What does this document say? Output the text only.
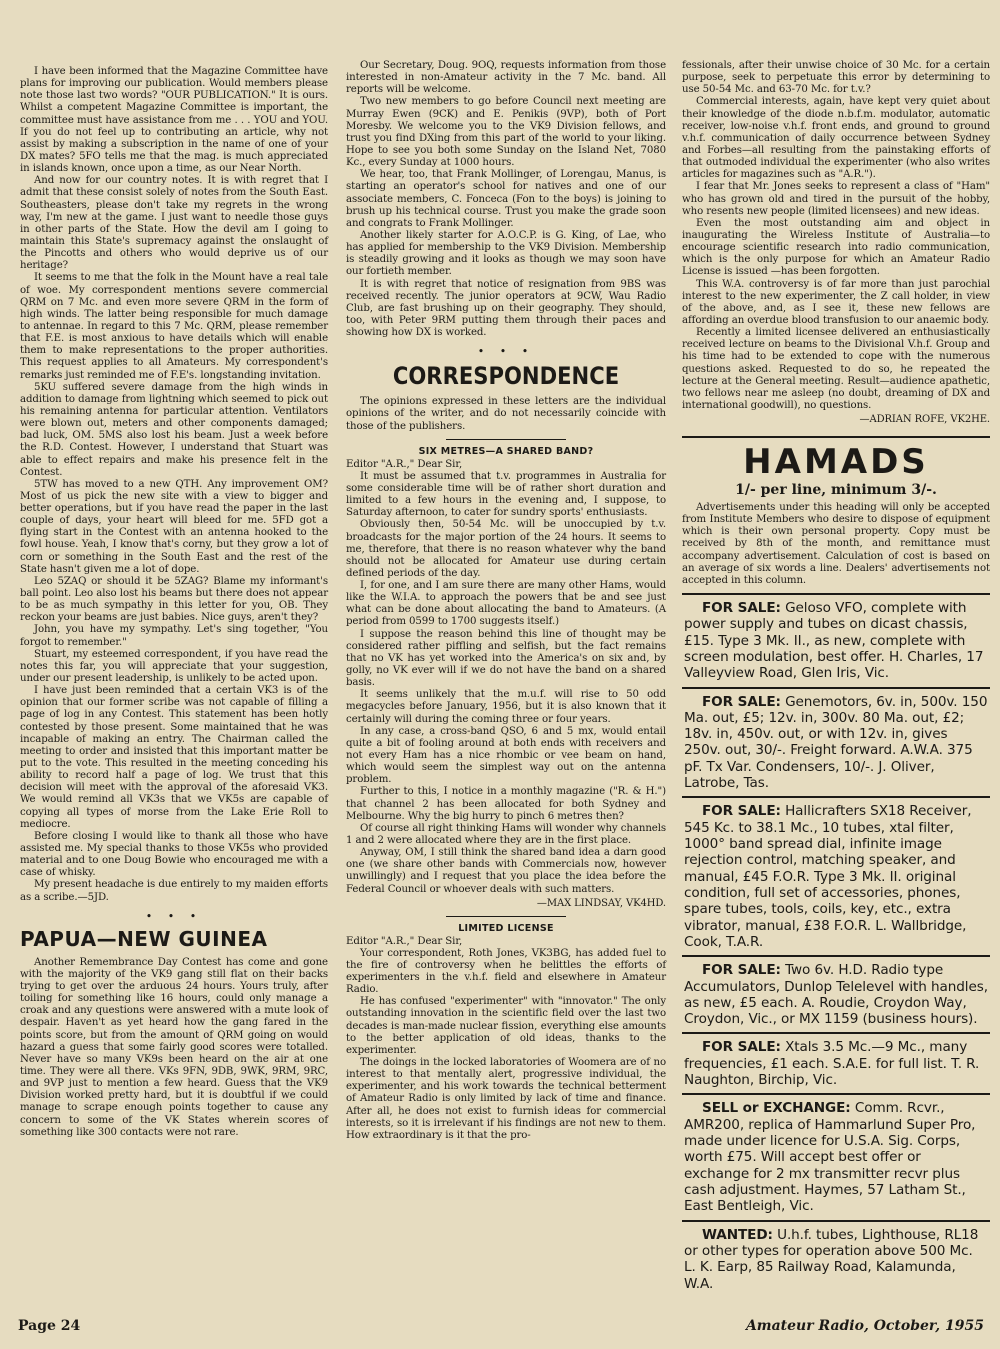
I have been informed that the Magazine Committee have plans for improving our publication. Would members please note those last two words? "OUR PUBLICATION." It is ours. Whilst a competent Magazine Committee is important, the committee must have assistance from me . . . YOU and YOU. If you do not feel up to contributing an article, why not assist by making a subscription in the name of one of your DX mates? 5FO tells me that the mag. is much appreciated in islands known, once upon a time, as our Near North.

And now for our country notes. It is with regret that I admit that these consist solely of notes from the South East. Southeasters, please don't take my regrets in the wrong way, I'm new at the game. I just want to needle those guys in other parts of the State. How the devil am I going to maintain this State's supremacy against the onslaught of the Pincotts and others who would deprive us of our heritage?

It seems to me that the folk in the Mount have a real tale of woe. My correspondent mentions severe commercial QRM on 7 Mc. and even more severe QRM in the form of high winds. The latter being responsible for much damage to antennae. In regard to this 7 Mc. QRM, please remember that F.E. is most anxious to have details which will enable them to make representations to the proper authorities. This request applies to all Amateurs. My correspondent's remarks just reminded me of F.E's. longstanding invitation.

5KU suffered severe damage from the high winds in addition to damage from lightning which seemed to pick out his remaining antenna for particular attention. Ventilators were blown out, meters and other components damaged; bad luck, OM. 5MS also lost his beam. Just a week before the R.D. Contest. However, I understand that Stuart was able to effect repairs and make his presence felt in the Contest.

5TW has moved to a new QTH. Any improvement OM? Most of us pick the new site with a view to bigger and better operations, but if you have read the paper in the last couple of days, your heart will bleed for me. 5FD got a flying start in the Contest with an antenna hooked to the fowl house. Yeah, I know that's corny, but they grow a lot of corn or something in the South East and the rest of the State hasn't given me a lot of dope.

Leo 5ZAQ or should it be 5ZAG? Blame my informant's ball point. Leo also lost his beams but there does not appear to be as much sympathy in this letter for you, OB. They reckon your beams are just babies. Nice guys, aren't they?

John, you have my sympathy. Let's sing together, "You forgot to remember."

Stuart, my esteemed correspondent, if you have read the notes this far, you will appreciate that your suggestion, under our present leadership, is unlikely to be acted upon.

I have just been reminded that a certain VK3 is of the opinion that our former scribe was not capable of filling a page of log in any Contest. This statement has been hotly contested by those present. Some maintained that he was incapable of making an entry. The Chairman called the meeting to order and insisted that this important matter be put to the vote. This resulted in the meeting conceding his ability to record half a page of log. We trust that this decision will meet with the approval of the aforesaid VK3. We would remind all VK3s that we VK5s are capable of copying all types of morse from the Lake Erie Roll to mediocre.

Before closing I would like to thank all those who have assisted me. My special thanks to those VK5s who provided material and to one Doug Bowie who encouraged me with a case of whisky.

My present headache is due entirely to my maiden efforts as a scribe.—5JD.

• • •
PAPUA—NEW GUINEA

Another Remembrance Day Contest has come and gone with the majority of the VK9 gang still flat on their backs trying to get over the arduous 24 hours. Yours truly, after toiling for something like 16 hours, could only manage a croak and any questions were answered with a mute look of despair. Haven't as yet heard how the gang fared in the points score, but from the amount of QRM going on would hazard a guess that some fairly good scores were totalled. Never have so many VK9s been heard on the air at one time. They were all there. VKs 9FN, 9DB, 9WK, 9RM, 9RC, and 9VP just to mention a few heard. Guess that the VK9 Division worked pretty hard, but it is doubtful if we could manage to scrape enough points together to cause any concern to some of the VK States wherein scores of something like 300 contacts were not rare.

Our Secretary, Doug. 9OQ, requests information from those interested in non-Amateur activity in the 7 Mc. band. All reports will be welcome.

Two new members to go before Council next meeting are Murray Ewen (9CK) and E. Penikis (9VP), both of Port Moresby. We welcome you to the VK9 Division fellows, and trust you find DXing from this part of the world to your liking. Hope to see you both some Sunday on the Island Net, 7080 Kc., every Sunday at 1000 hours.

We hear, too, that Frank Mollinger, of Lorengau, Manus, is starting an operator's school for natives and one of our associate members, C. Fonceca (Fon to the boys) is joining to brush up his technical course. Trust you make the grade soon and congrats to Frank Mollinger.

Another likely starter for A.O.C.P. is G. King, of Lae, who has applied for membership to the VK9 Division. Membership is steadily growing and it looks as though we may soon have our fortieth member.

It is with regret that notice of resignation from 9BS was received recently. The junior operators at 9CW, Wau Radio Club, are fast brushing up on their geography. They should, too, with Peter 9RM putting them through their paces and showing how DX is worked.

• • •
CORRESPONDENCE

The opinions expressed in these letters are the individual opinions of the writer, and do not necessarily coincide with those of the publishers.

SIX METRES—A SHARED BAND?

Editor "A.R.," Dear Sir,

It must be assumed that t.v. programmes in Australia for some considerable time will be of rather short duration and limited to a few hours in the evening and, I suppose, to Saturday afternoon, to cater for sundry sports' enthusiasts.

Obviously then, 50-54 Mc. will be unoccupied by t.v. broadcasts for the major portion of the 24 hours. It seems to me, therefore, that there is no reason whatever why the band should not be allocated for Amateur use during certain defined periods of the day.

I, for one, and I am sure there are many other Hams, would like the W.I.A. to approach the powers that be and see just what can be done about allocating the band to Amateurs. (A period from 0599 to 1700 suggests itself.)

I suppose the reason behind this line of thought may be considered rather piffling and selfish, but the fact remains that no VK has yet worked into the America's on six and, by golly, no VK ever will if we do not have the band on a shared basis.

It seems unlikely that the m.u.f. will rise to 50 odd megacycles before January, 1956, but it is also known that it certainly will during the coming three or four years.

In any case, a cross-band QSO, 6 and 5 mx, would entail quite a bit of fooling around at both ends with receivers and not every Ham has a nice rhombic or vee beam on hand, which would seem the simplest way out on the antenna problem.

Further to this, I notice in a monthly magazine ("R. & H.") that channel 2 has been allocated for both Sydney and Melbourne. Why the big hurry to pinch 6 metres then?

Of course all right thinking Hams will wonder why channels 1 and 2 were allocated where they are in the first place.

Anyway, OM, I still think the shared band idea a darn good one (we share other bands with Commercials now, however unwillingly) and I request that you place the idea before the Federal Council or whoever deals with such matters.

—MAX LINDSAY, VK4HD.

LIMITED LICENSE

Editor "A.R.," Dear Sir,

Your correspondent, Roth Jones, VK3BG, has added fuel to the fire of controversy when he belittles the efforts of experimenters in the v.h.f. field and elsewhere in Amateur Radio.

He has confused "experimenter" with "innovator." The only outstanding innovation in the scientific field over the last two decades is man-made nuclear fission, everything else amounts to the better application of old ideas, thanks to the experimenter.

The doings in the locked laboratories of Woomera are of no interest to that mentally alert, progressive individual, the experimenter, and his work towards the technical betterment of Amateur Radio is only limited by lack of time and finance. After all, he does not exist to furnish ideas for commercial interests, so it is irrelevant if his findings are not new to them. How extraordinary is it that the pro-

fessionals, after their unwise choice of 30 Mc. for a certain purpose, seek to perpetuate this error by determining to use 50-54 Mc. and 63-70 Mc. for t.v.?

Commercial interests, again, have kept very quiet about their knowledge of the diode n.b.f.m. modulator, automatic receiver, low-noise v.h.f. front ends, and ground to ground v.h.f. communication of daily occurrence between Sydney and Forbes—all resulting from the painstaking efforts of that outmoded individual the experimenter (who also writes articles for magazines such as "A.R.").

I fear that Mr. Jones seeks to represent a class of "Ham" who has grown old and tired in the pursuit of the hobby, who resents new people (limited licensees) and new ideas.

Even the most outstanding aim and object in inaugurating the Wireless Institute of Australia—to encourage scientific research into radio communication, which is the only purpose for which an Amateur Radio License is issued —has been forgotten.

This W.A. controversy is of far more than just parochial interest to the new experimenter, the Z call holder, in view of the above, and, as I see it, these new fellows are affording an overdue blood transfusion to our anaemic body.

Recently a limited licensee delivered an enthusiastically received lecture on beams to the Divisional V.h.f. Group and his time had to be extended to cope with the numerous questions asked. Requested to do so, he repeated the lecture at the General meeting. Result—audience apathetic, two fellows near me asleep (no doubt, dreaming of DX and international goodwill), no questions.

—ADRIAN ROFE, VK2HE.

HAMADS
1/- per line, minimum 3/-.

Advertisements under this heading will only be accepted from Institute Members who desire to dispose of equipment which is their own personal property. Copy must be received by 8th of the month, and remittance must accompany advertisement. Calculation of cost is based on an average of six words a line. Dealers' advertisements not accepted in this column.

FOR SALE: Geloso VFO, complete with power supply and tubes on dicast chassis, £15. Type 3 Mk. II., as new, complete with screen modulation, best offer. H. Charles, 17 Valleyview Road, Glen Iris, Vic.

FOR SALE: Genemotors, 6v. in, 500v. 150 Ma. out, £5; 12v. in, 300v. 80 Ma. out, £2; 18v. in, 450v. out, or with 12v. in, gives 250v. out, 30/-. Freight forward. A.W.A. 375 pF. Tx Var. Condensers, 10/-. J. Oliver, Latrobe, Tas.

FOR SALE: Hallicrafters SX18 Receiver, 545 Kc. to 38.1 Mc., 10 tubes, xtal filter, 1000° band spread dial, infinite image rejection control, matching speaker, and manual, £45 F.O.R. Type 3 Mk. II. original condition, full set of accessories, phones, spare tubes, tools, coils, key, etc., extra vibrator, manual, £38 F.O.R. L. Wallbridge, Cook, T.A.R.

FOR SALE: Two 6v. H.D. Radio type Accumulators, Dunlop Telelevel with handles, as new, £5 each. A. Roudie, Croydon Way, Croydon, Vic., or MX 1159 (business hours).

FOR SALE: Xtals 3.5 Mc.—9 Mc., many frequencies, £1 each. S.A.E. for full list. T. R. Naughton, Birchip, Vic.

SELL or EXCHANGE: Comm. Rcvr., AMR200, replica of Hammarlund Super Pro, made under licence for U.S.A. Sig. Corps, worth £75. Will accept best offer or exchange for 2 mx transmitter recvr plus cash adjustment. Haymes, 57 Latham St., East Bentleigh, Vic.

WANTED: U.h.f. tubes, Lighthouse, RL18 or other types for operation above 500 Mc. L. K. Earp, 85 Railway Road, Kalamunda, W.A.

Page 24	Amateur Radio, October, 1955
